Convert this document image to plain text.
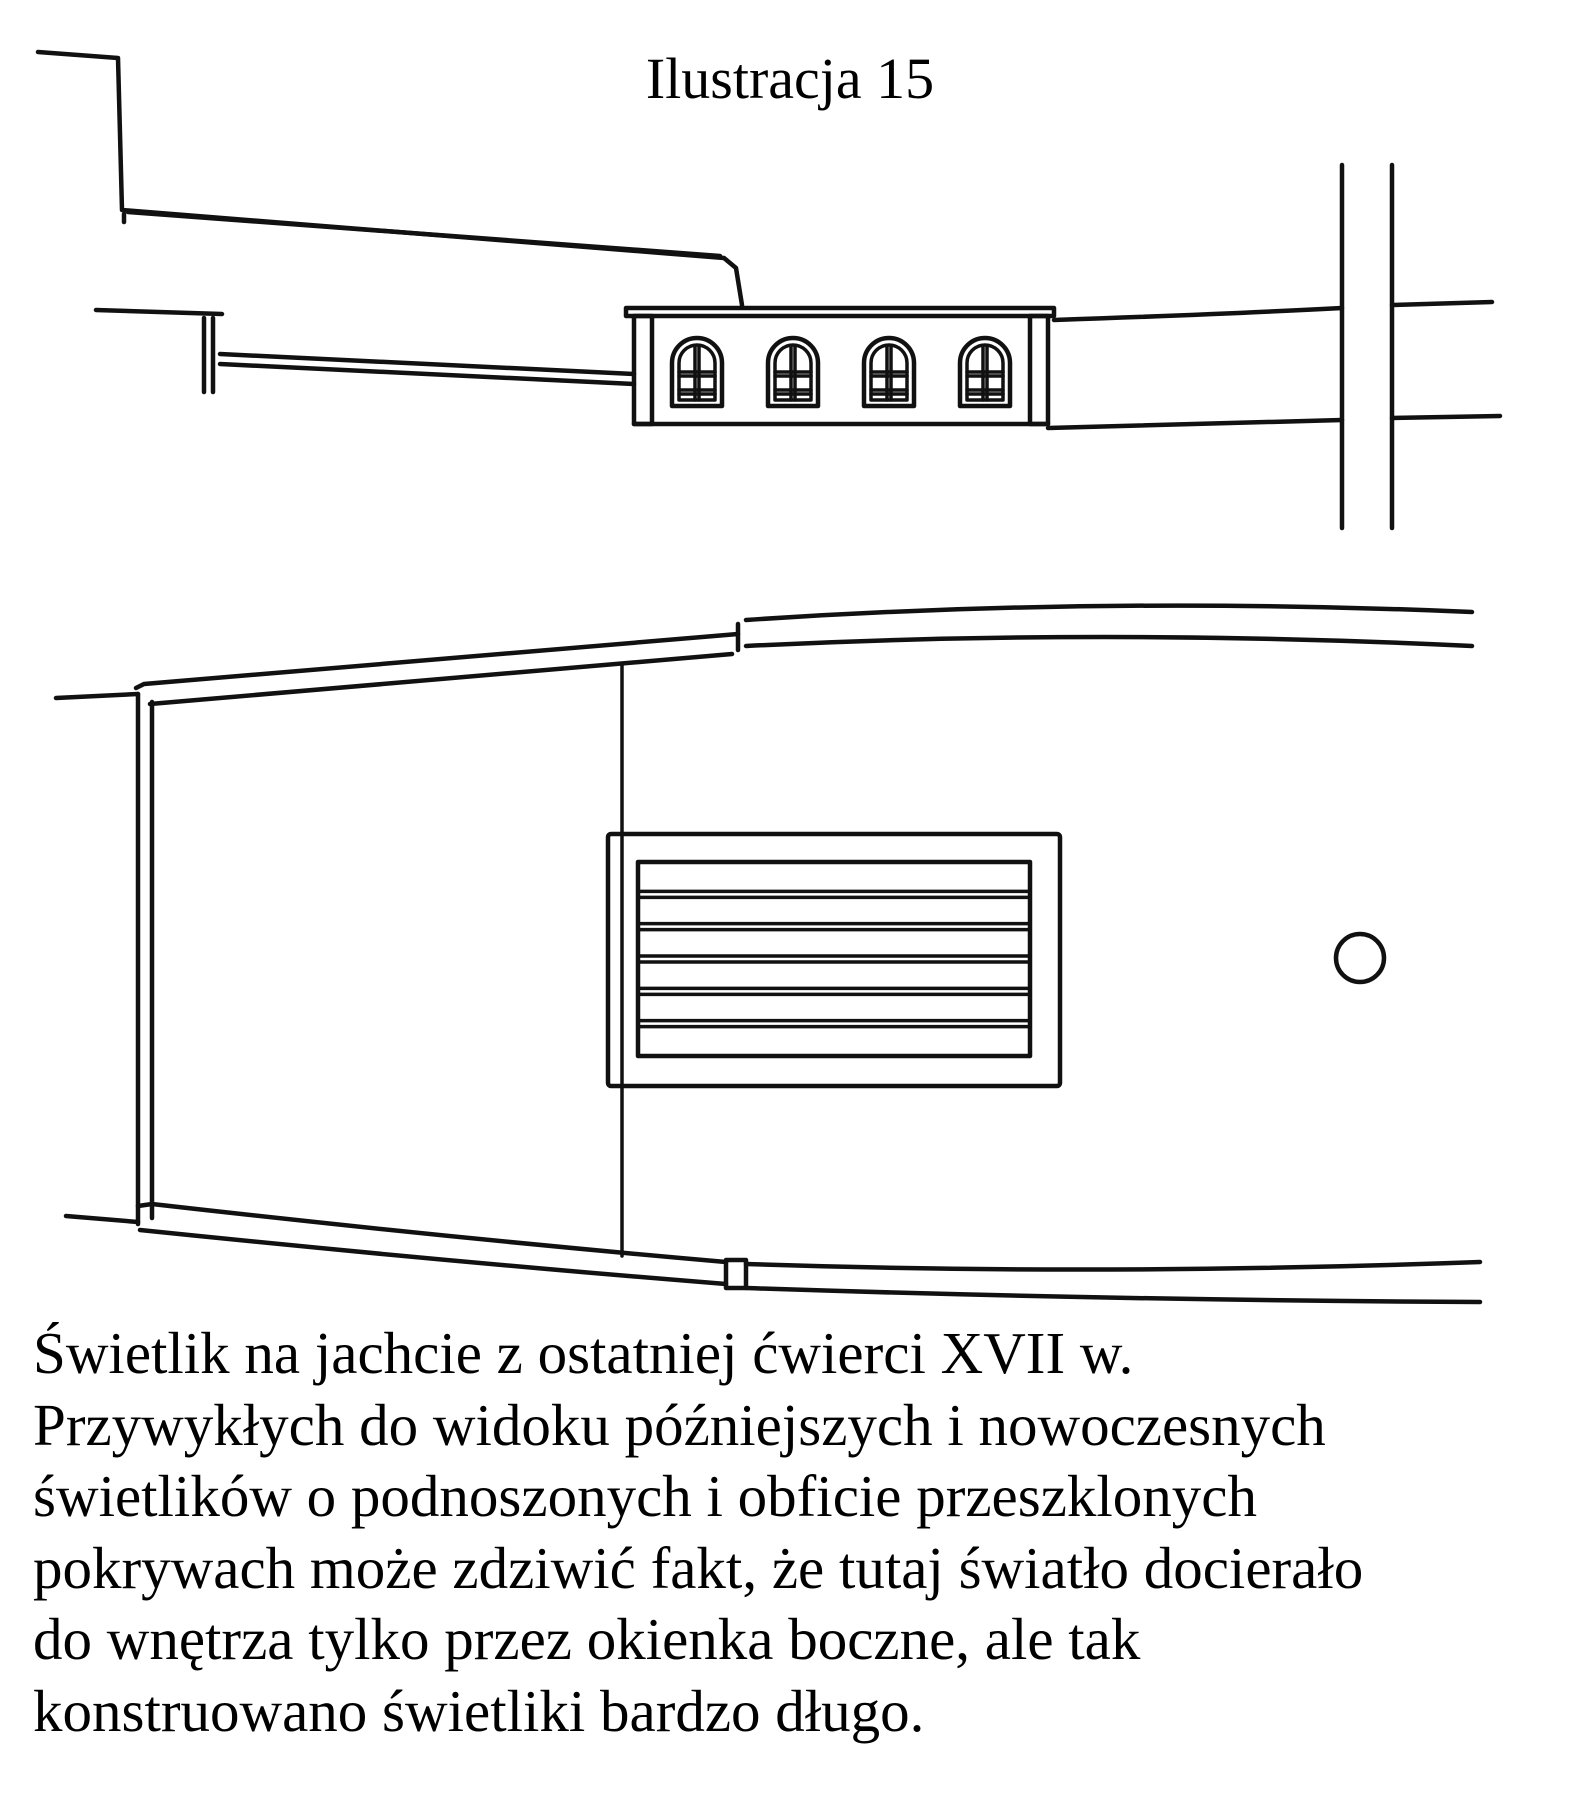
Ilustracja 15
Świetlik na jachcie z ostatniej ćwierci XVII w.
Przywykłych do widoku późniejszych i nowoczesnych
świetlików o podnoszonych i obficie przeszklonych
pokrywach może zdziwić fakt, że tutaj światło docierało
do wnętrza tylko przez okienka boczne, ale tak
konstruowano świetliki bardzo długo.
